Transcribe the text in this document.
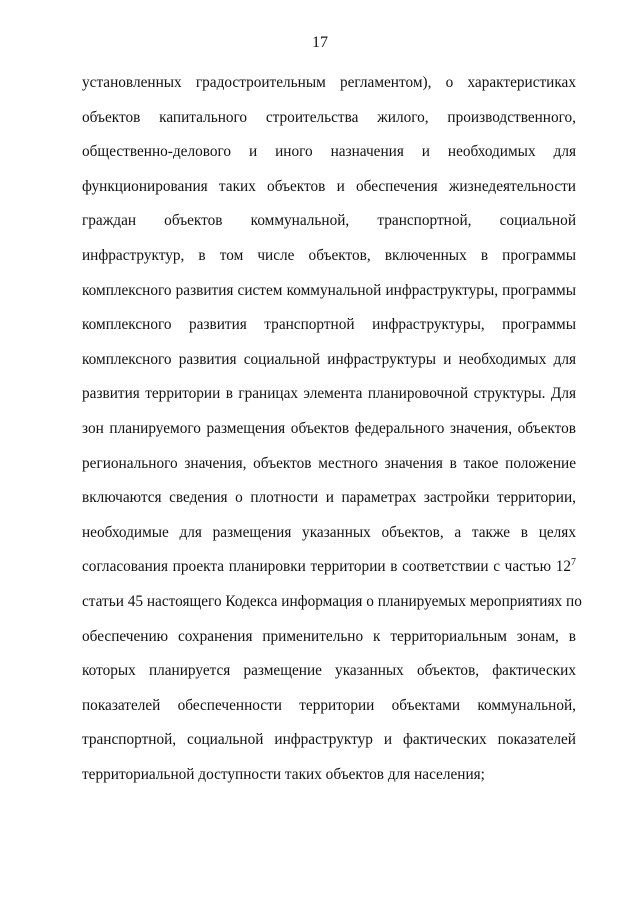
17
установленных градостроительным регламентом), о характеристиках
объектов капитального строительства жилого, производственного,
общественно-делового и иного назначения и необходимых для
функционирования таких объектов и обеспечения жизнедеятельности
граждан объектов коммунальной, транспортной, социальной
инфраструктур, в том числе объектов, включенных в программы
комплексного развития систем коммунальной инфраструктуры, программы
комплексного развития транспортной инфраструктуры, программы
комплексного развития социальной инфраструктуры и необходимых для
развития территории в границах элемента планировочной структуры. Для
зон планируемого размещения объектов федерального значения, объектов
регионального значения, объектов местного значения в такое положение
включаются сведения о плотности и параметрах застройки территории,
необходимые для размещения указанных объектов, а также в целях
согласования проекта планировки территории в соответствии с частью $12^7$
статьи 45 настоящего Кодекса информация о планируемых мероприятиях по
обеспечению сохранения применительно к территориальным зонам, в
которых планируется размещение указанных объектов, фактических
показателей обеспеченности территории объектами коммунальной,
транспортной, социальной инфраструктур и фактических показателей
территориальной доступности таких объектов для населения;
